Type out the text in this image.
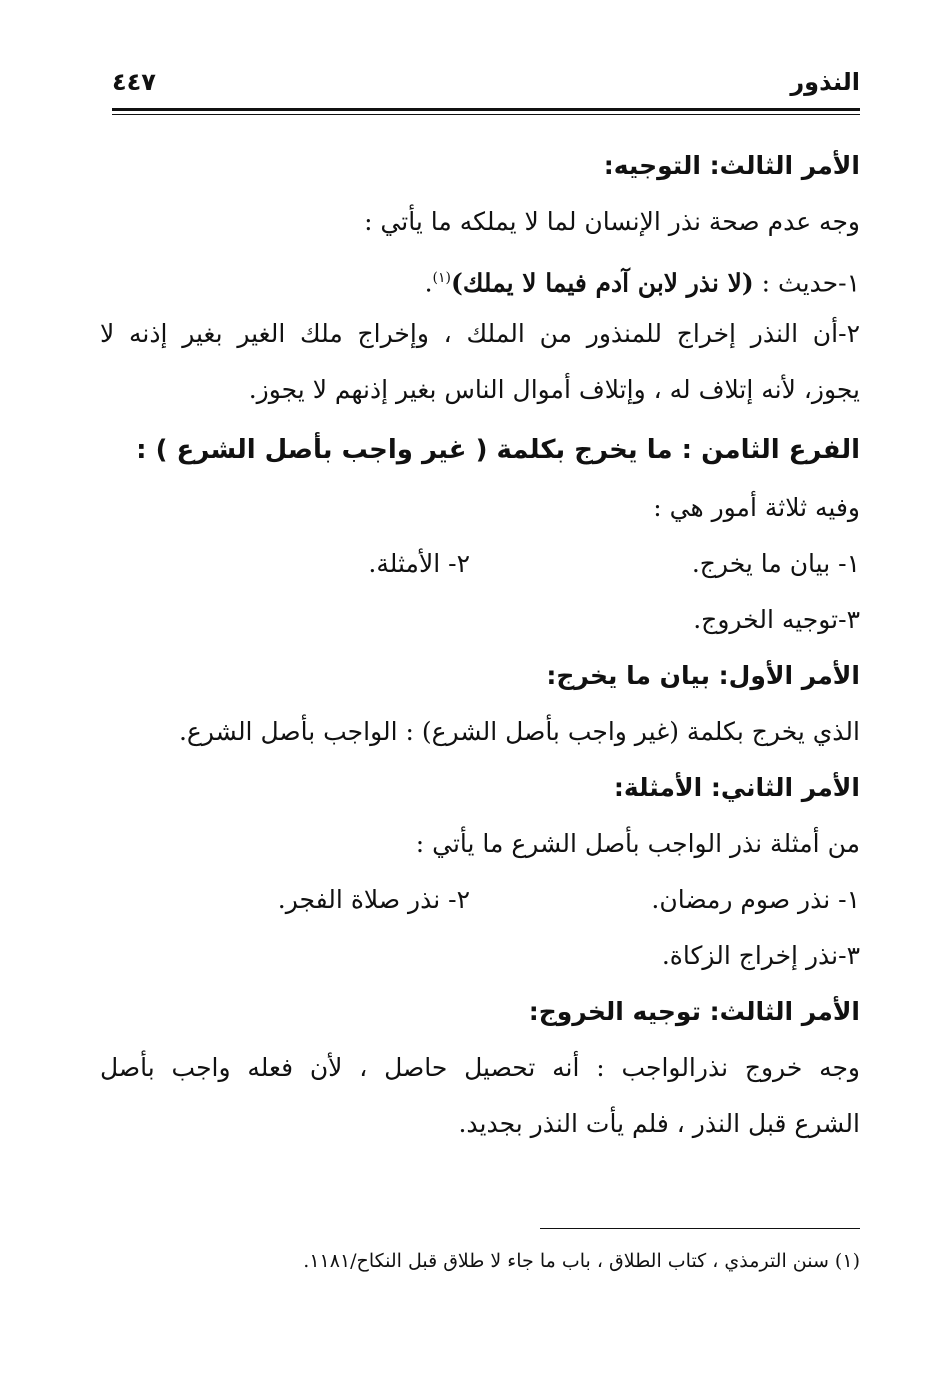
النذور
٤٤٧
الأمر الثالث: التوجيه:
وجه عدم صحة نذر الإنسان لما لا يملكه ما يأتي :
١-حديث : (لا نذر لابن آدم فيما لا يملك)$^{(١)}$.
٢-أن النذر إخراج للمنذور من الملك ، وإخراج ملك الغير بغير إذنه لا
يجوز، لأنه إتلاف له ، وإتلاف أموال الناس بغير إذنهم لا يجوز.
الفرع الثامن : ما يخرج بكلمة ( غير واجب بأصل الشرع ) :
وفيه ثلاثة أمور هي :
١- بيان ما يخرج.
٢- الأمثلة.
٣-توجيه الخروج.
الأمر الأول: بيان ما يخرج:
الذي يخرج بكلمة (غير واجب بأصل الشرع) : الواجب بأصل الشرع.
الأمر الثاني: الأمثلة:
من أمثلة نذر الواجب بأصل الشرع ما يأتي :
١- نذر صوم رمضان.
٢- نذر صلاة الفجر.
٣-نذر إخراج الزكاة.
الأمر الثالث: توجيه الخروج:
وجه خروج نذرالواجب : أنه تحصيل حاصل ، لأن فعله واجب بأصل
الشرع قبل النذر ، فلم يأت النذر بجديد.
(١) سنن الترمذي ، كتاب الطلاق ، باب ما جاء لا طلاق قبل النكاح/١١٨١.
